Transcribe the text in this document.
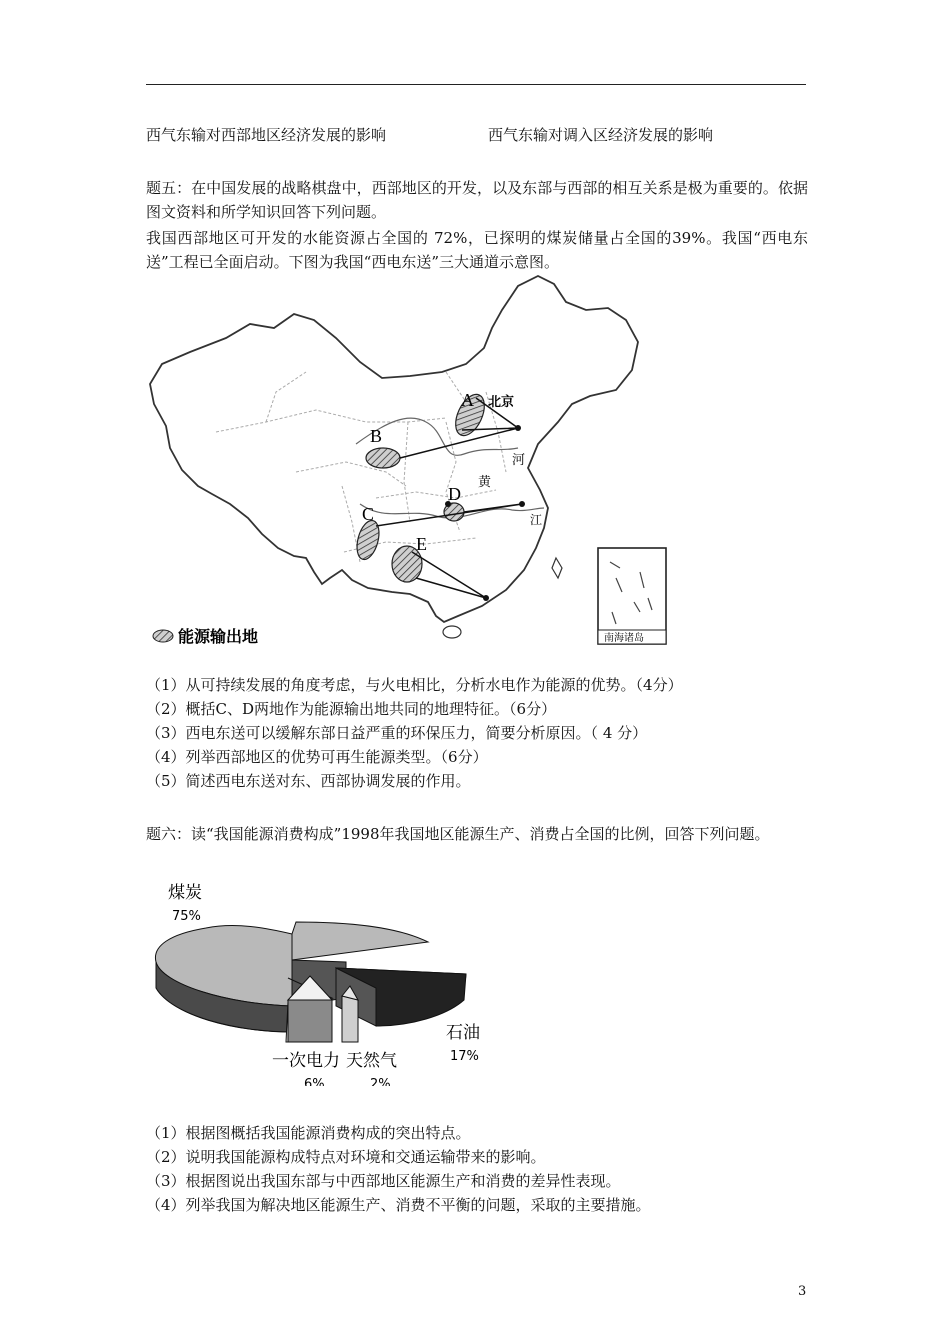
西气东输对西部地区经济发展的影响	西气东输对调入区经济发展的影响
题五：在中国发展的战略棋盘中，西部地区的开发，以及东部与西部的相互关系是极为重要的。依据图文资料和所学知识回答下列问题。
我国西部地区可开发的水能资源占全国的 72%，已探明的煤炭储量占全国的39%。我国“西电东送”工程已全面启动。下图为我国“西电东送”三大通道示意图。
A
B
C
D
E
北京
河
黄
江
南海诸岛
能源输出地
（1）从可持续发展的角度考虑，与火电相比，分析水电作为能源的优势。（4分）
（2）概括C、D两地作为能源输出地共同的地理特征。（6分）
（3）西电东送可以缓解东部日益严重的环保压力，简要分析原因。（ 4 分）
（4）列举西部地区的优势可再生能源类型。（6分）
（5）简述西电东送对东、西部协调发展的作用。
题六：读“我国能源消费构成”1998年我国地区能源生产、消费占全国的比例，回答下列问题。
煤炭
75%
石油
17%
一次电力
6%
天然气
2%
（1）根据图概括我国能源消费构成的突出特点。
（2）说明我国能源构成特点对环境和交通运输带来的影响。
（3）根据图说出我国东部与中西部地区能源生产和消费的差异性表现。
（4）列举我国为解决地区能源生产、消费不平衡的问题，采取的主要措施。
3
